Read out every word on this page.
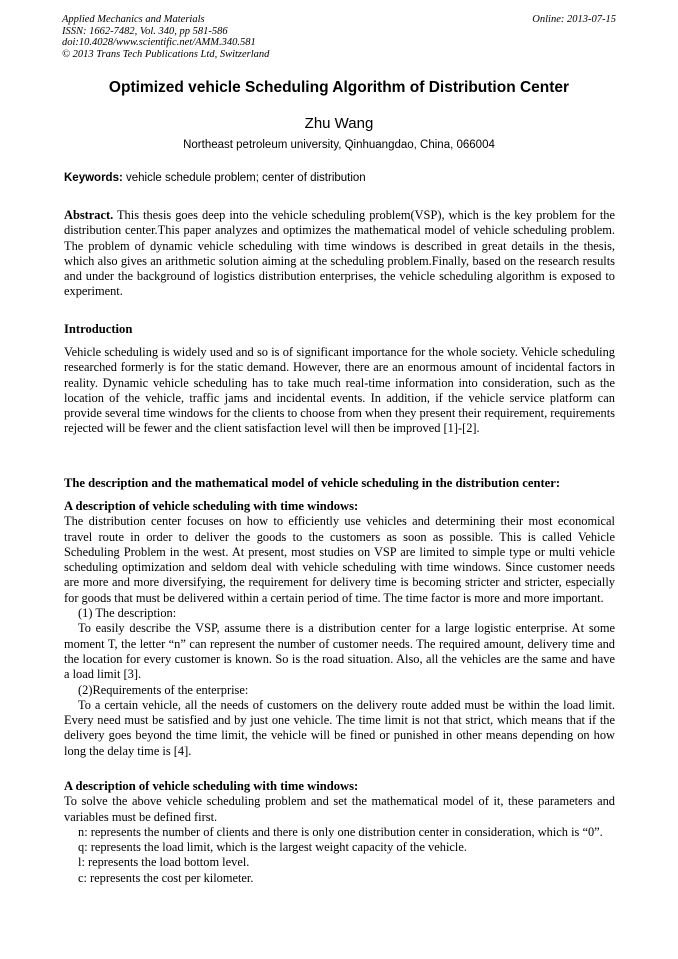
Applied Mechanics and Materials
ISSN: 1662-7482, Vol. 340, pp 581-586
doi:10.4028/www.scientific.net/AMM.340.581
© 2013 Trans Tech Publications Ltd, Switzerland
Online: 2013-07-15
Optimized vehicle Scheduling Algorithm of Distribution Center
Zhu Wang
Northeast petroleum university, Qinhuangdao, China, 066004
Keywords: vehicle schedule problem; center of distribution

Abstract. This thesis goes deep into the vehicle scheduling problem(VSP), which is the key problem for the distribution center.This paper analyzes and optimizes the mathematical model of vehicle scheduling problem. The problem of dynamic vehicle scheduling with time windows is described in great details in the thesis, which also gives an arithmetic solution aiming at the scheduling problem.Finally, based on the research results and under the background of logistics distribution enterprises, the vehicle scheduling algorithm is exposed to experiment.

Introduction

Vehicle scheduling is widely used and so is of significant importance for the whole society. Vehicle scheduling researched formerly is for the static demand. However, there are an enormous amount of incidental factors in reality. Dynamic vehicle scheduling has to take much real-time information into consideration, such as the location of the vehicle, traffic jams and incidental events. In addition, if the vehicle service platform can provide several time windows for the clients to choose from when they present their requirement, requirements rejected will be fewer and the client satisfaction level will then be improved [1]-[2].

The description and the mathematical model of vehicle scheduling in the distribution center:

A description of vehicle scheduling with time windows:

The distribution center focuses on how to efficiently use vehicles and determining their most economical travel route in order to deliver the goods to the customers as soon as possible. This is called Vehicle Scheduling Problem in the west. At present, most studies on VSP are limited to simple type or multi vehicle scheduling optimization and seldom deal with vehicle scheduling with time windows. Since customer needs are more and more diversifying, the requirement for delivery time is becoming stricter and stricter, especially for goods that must be delivered within a certain period of time. The time factor is more and more important.

(1) The description:

To easily describe the VSP, assume there is a distribution center for a large logistic enterprise. At some moment T, the letter “n” can represent the number of customer needs. The required amount, delivery time and the location for every customer is known. So is the road situation. Also, all the vehicles are the same and have a load limit [3].

(2)Requirements of the enterprise:

To a certain vehicle, all the needs of customers on the delivery route added must be within the load limit. Every need must be satisfied and by just one vehicle. The time limit is not that strict, which means that if the delivery goes beyond the time limit, the vehicle will be fined or punished in other means depending on how long the delay time is [4].

A description of vehicle scheduling with time windows:

To solve the above vehicle scheduling problem and set the mathematical model of it, these parameters and variables must be defined first.

n: represents the number of clients and there is only one distribution center in consideration, which is “0”.

q: represents the load limit, which is the largest weight capacity of the vehicle.

l: represents the load bottom level.

c: represents the cost per kilometer.
